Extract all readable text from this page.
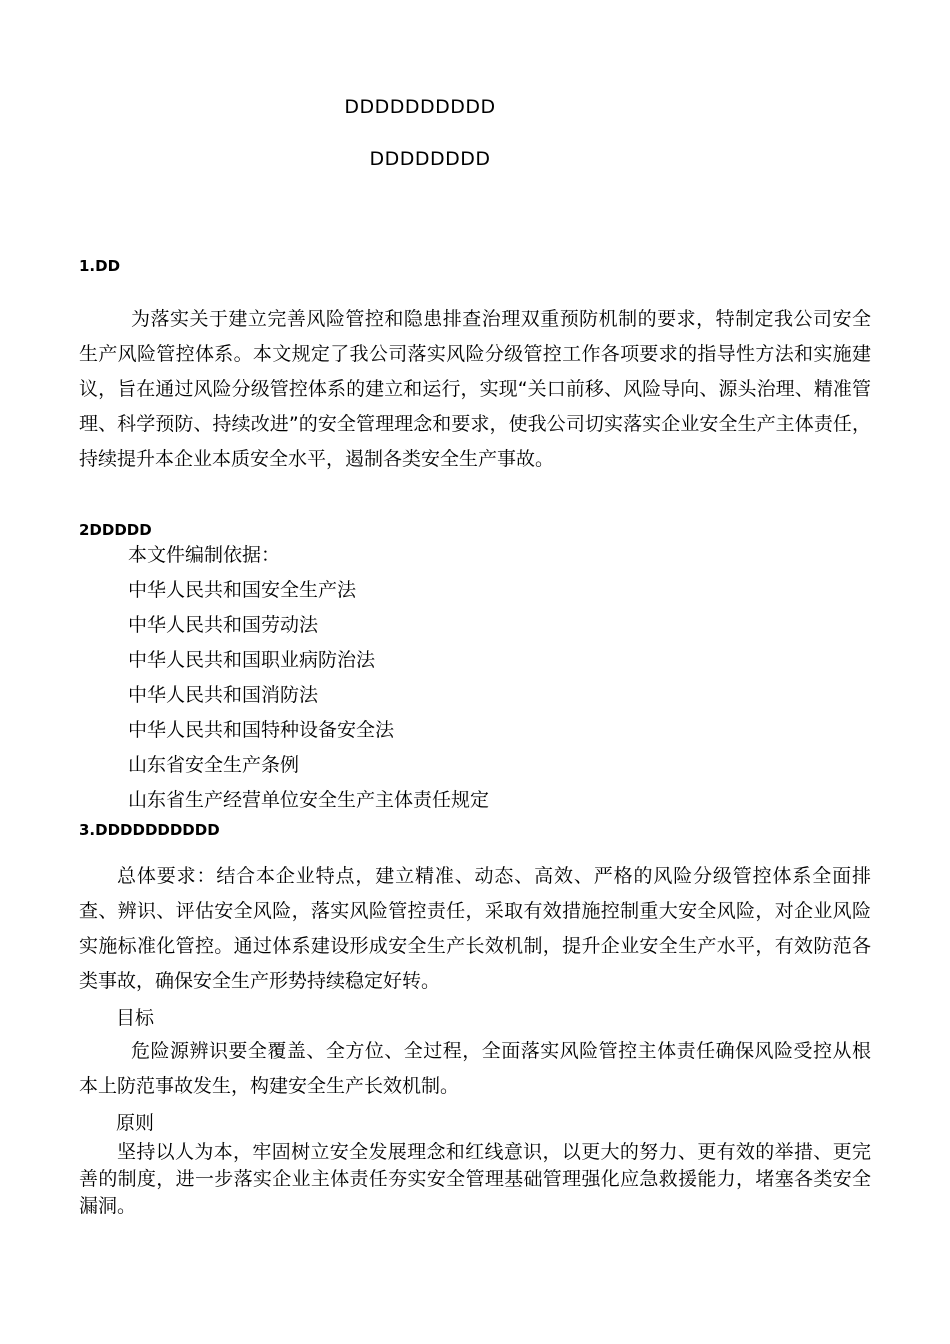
DDDDDDDDDD
DDDDDDDD
1.DD
为落实关于建立完善风险管控和隐患排查治理双重预防机制的要求，特制定我公司安全生产风险管控体系。本文规定了我公司落实风险分级管控工作各项要求的指导性方法和实施建议，旨在通过风险分级管控体系的建立和运行，实现“关口前移、风险导向、源头治理、精准管理、科学预防、持续改进”的安全管理理念和要求，使我公司切实落实企业安全生产主体责任，持续提升本企业本质安全水平，遏制各类安全生产事故。
2DDDDD
本文件编制依据：
中华人民共和国安全生产法
中华人民共和国劳动法
中华人民共和国职业病防治法
中华人民共和国消防法
中华人民共和国特种设备安全法
山东省安全生产条例
山东省生产经营单位安全生产主体责任规定
3.DDDDDDDDDD
总体要求：结合本企业特点，建立精准、动态、高效、严格的风险分级管控体系全面排查、辨识、评估安全风险，落实风险管控责任，采取有效措施控制重大安全风险，对企业风险实施标准化管控。通过体系建设形成安全生产长效机制，提升企业安全生产水平，有效防范各类事故，确保安全生产形势持续稳定好转。
目标
危险源辨识要全覆盖、全方位、全过程，全面落实风险管控主体责任确保风险受控从根本上防范事故发生，构建安全生产长效机制。
原则
坚持以人为本，牢固树立安全发展理念和红线意识，以更大的努力、更有效的举措、更完善的制度，进一步落实企业主体责任夯实安全管理基础管理强化应急救援能力，堵塞各类安全漏洞。
